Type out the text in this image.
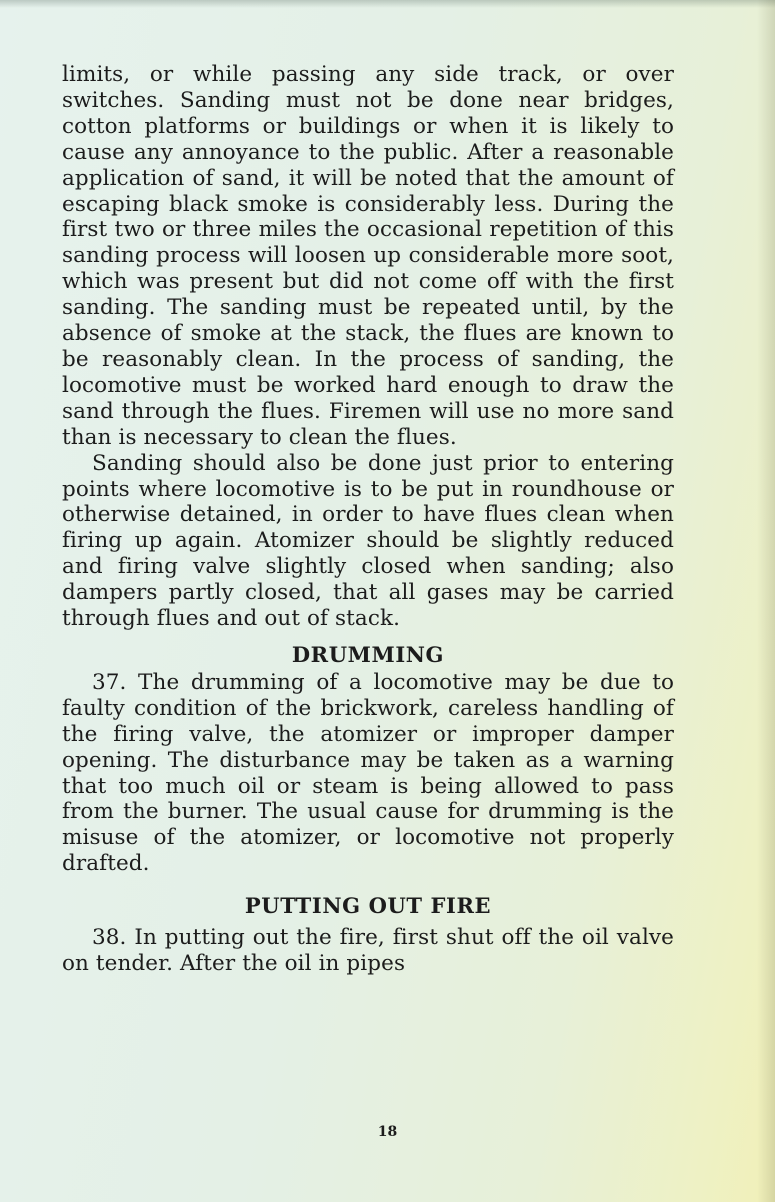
limits, or while passing any side track, or over switches. Sanding must not be done near bridges, cotton platforms or buildings or when it is likely to cause any annoyance to the public. After a reasonable application of sand, it will be noted that the amount of escaping black smoke is considerably less. During the first two or three miles the occasional repetition of this sanding process will loosen up considerable more soot, which was present but did not come off with the first sanding. The sanding must be repeated until, by the absence of smoke at the stack, the flues are known to be reasonably clean. In the process of sanding, the locomotive must be worked hard enough to draw the sand through the flues. Firemen will use no more sand than is necessary to clean the flues.

Sanding should also be done just prior to entering points where locomotive is to be put in roundhouse or otherwise detained, in order to have flues clean when firing up again. Atomizer should be slightly reduced and firing valve slightly closed when sanding; also dampers partly closed, that all gases may be carried through flues and out of stack.

DRUMMING

37. The drumming of a locomotive may be due to faulty condition of the brickwork, careless handling of the firing valve, the atomizer or improper damper opening. The disturbance may be taken as a warning that too much oil or steam is being allowed to pass from the burner. The usual cause for drumming is the misuse of the atomizer, or locomotive not properly drafted.

PUTTING OUT FIRE

38. In putting out the fire, first shut off the oil valve on tender. After the oil in pipes

18
